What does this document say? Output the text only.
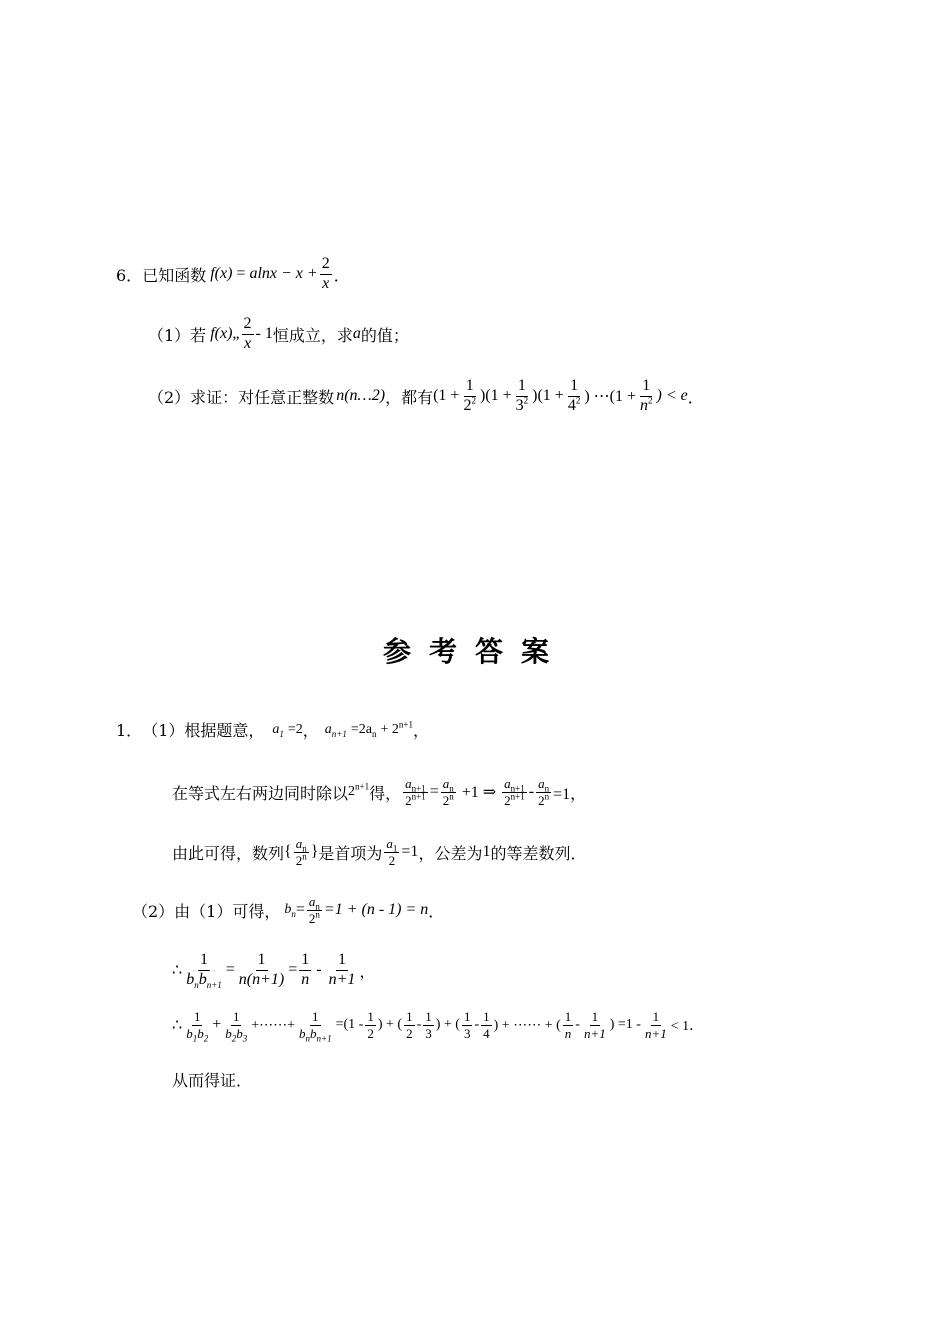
6． 已知函数 $f(x) = alnx - x + \frac{2}{x}$ ．
（1）若 f(x) „ $\frac{2}{x} - 1$ 恒成立，求 a 的值；
（2）求证：对任意正整数 n(n…2) ，都有 $(1 + \frac{1}{2^2} )(1 + \frac{1}{3^2} )(1 + \frac{1}{4^2}$ ) ⋯(1 + $\frac{1}{n^2}$ ) < e ．
参考答案
1． （1）根据题意， $a_1 =2$ ， $a_{n+1} =2a_n + 2^{n+1}$ ，
在等式左右两边同时除以 $2^{n+1}$ 得， $\frac{a_{n+1}}{2^{n+1}} = \frac{a_n}{2^n} +1$ ⇒ $\frac{a_{n+1}}{2^{n+1}} - \frac{a_n}{2^n} =1$，
由此可得，数列 { $\frac{a_n}{2^n}$ } 是首项为 $\frac{a_1}{2} =1$ ，公差为 1 的等差数列．
（2）由（1）可得， $b_n = \frac{a_n}{2^n} =1 + (n - 1) = n$ ．
∴ $\frac{1}{b_nb_{n+1}} = \frac{1}{n(n+1)} = \frac{1}{n} - \frac{1}{n+1}$ ，
∴ $\frac{1}{b_1b_2} + \frac{1}{b_2b_3}$ +⋯⋯+ $\frac{1}{b_nb_{n+1}} =(1 - \frac{1}{2}$ ) + ( $\frac{1}{2} - \frac{1}{3}$ ) + ( $\frac{1}{3} - \frac{1}{4}$ ) + ⋯⋯ + ( $\frac{1}{n} - \frac{1}{n+1}$ ) $=1 - \frac{1}{n+1} < 1$．
从而得证．
